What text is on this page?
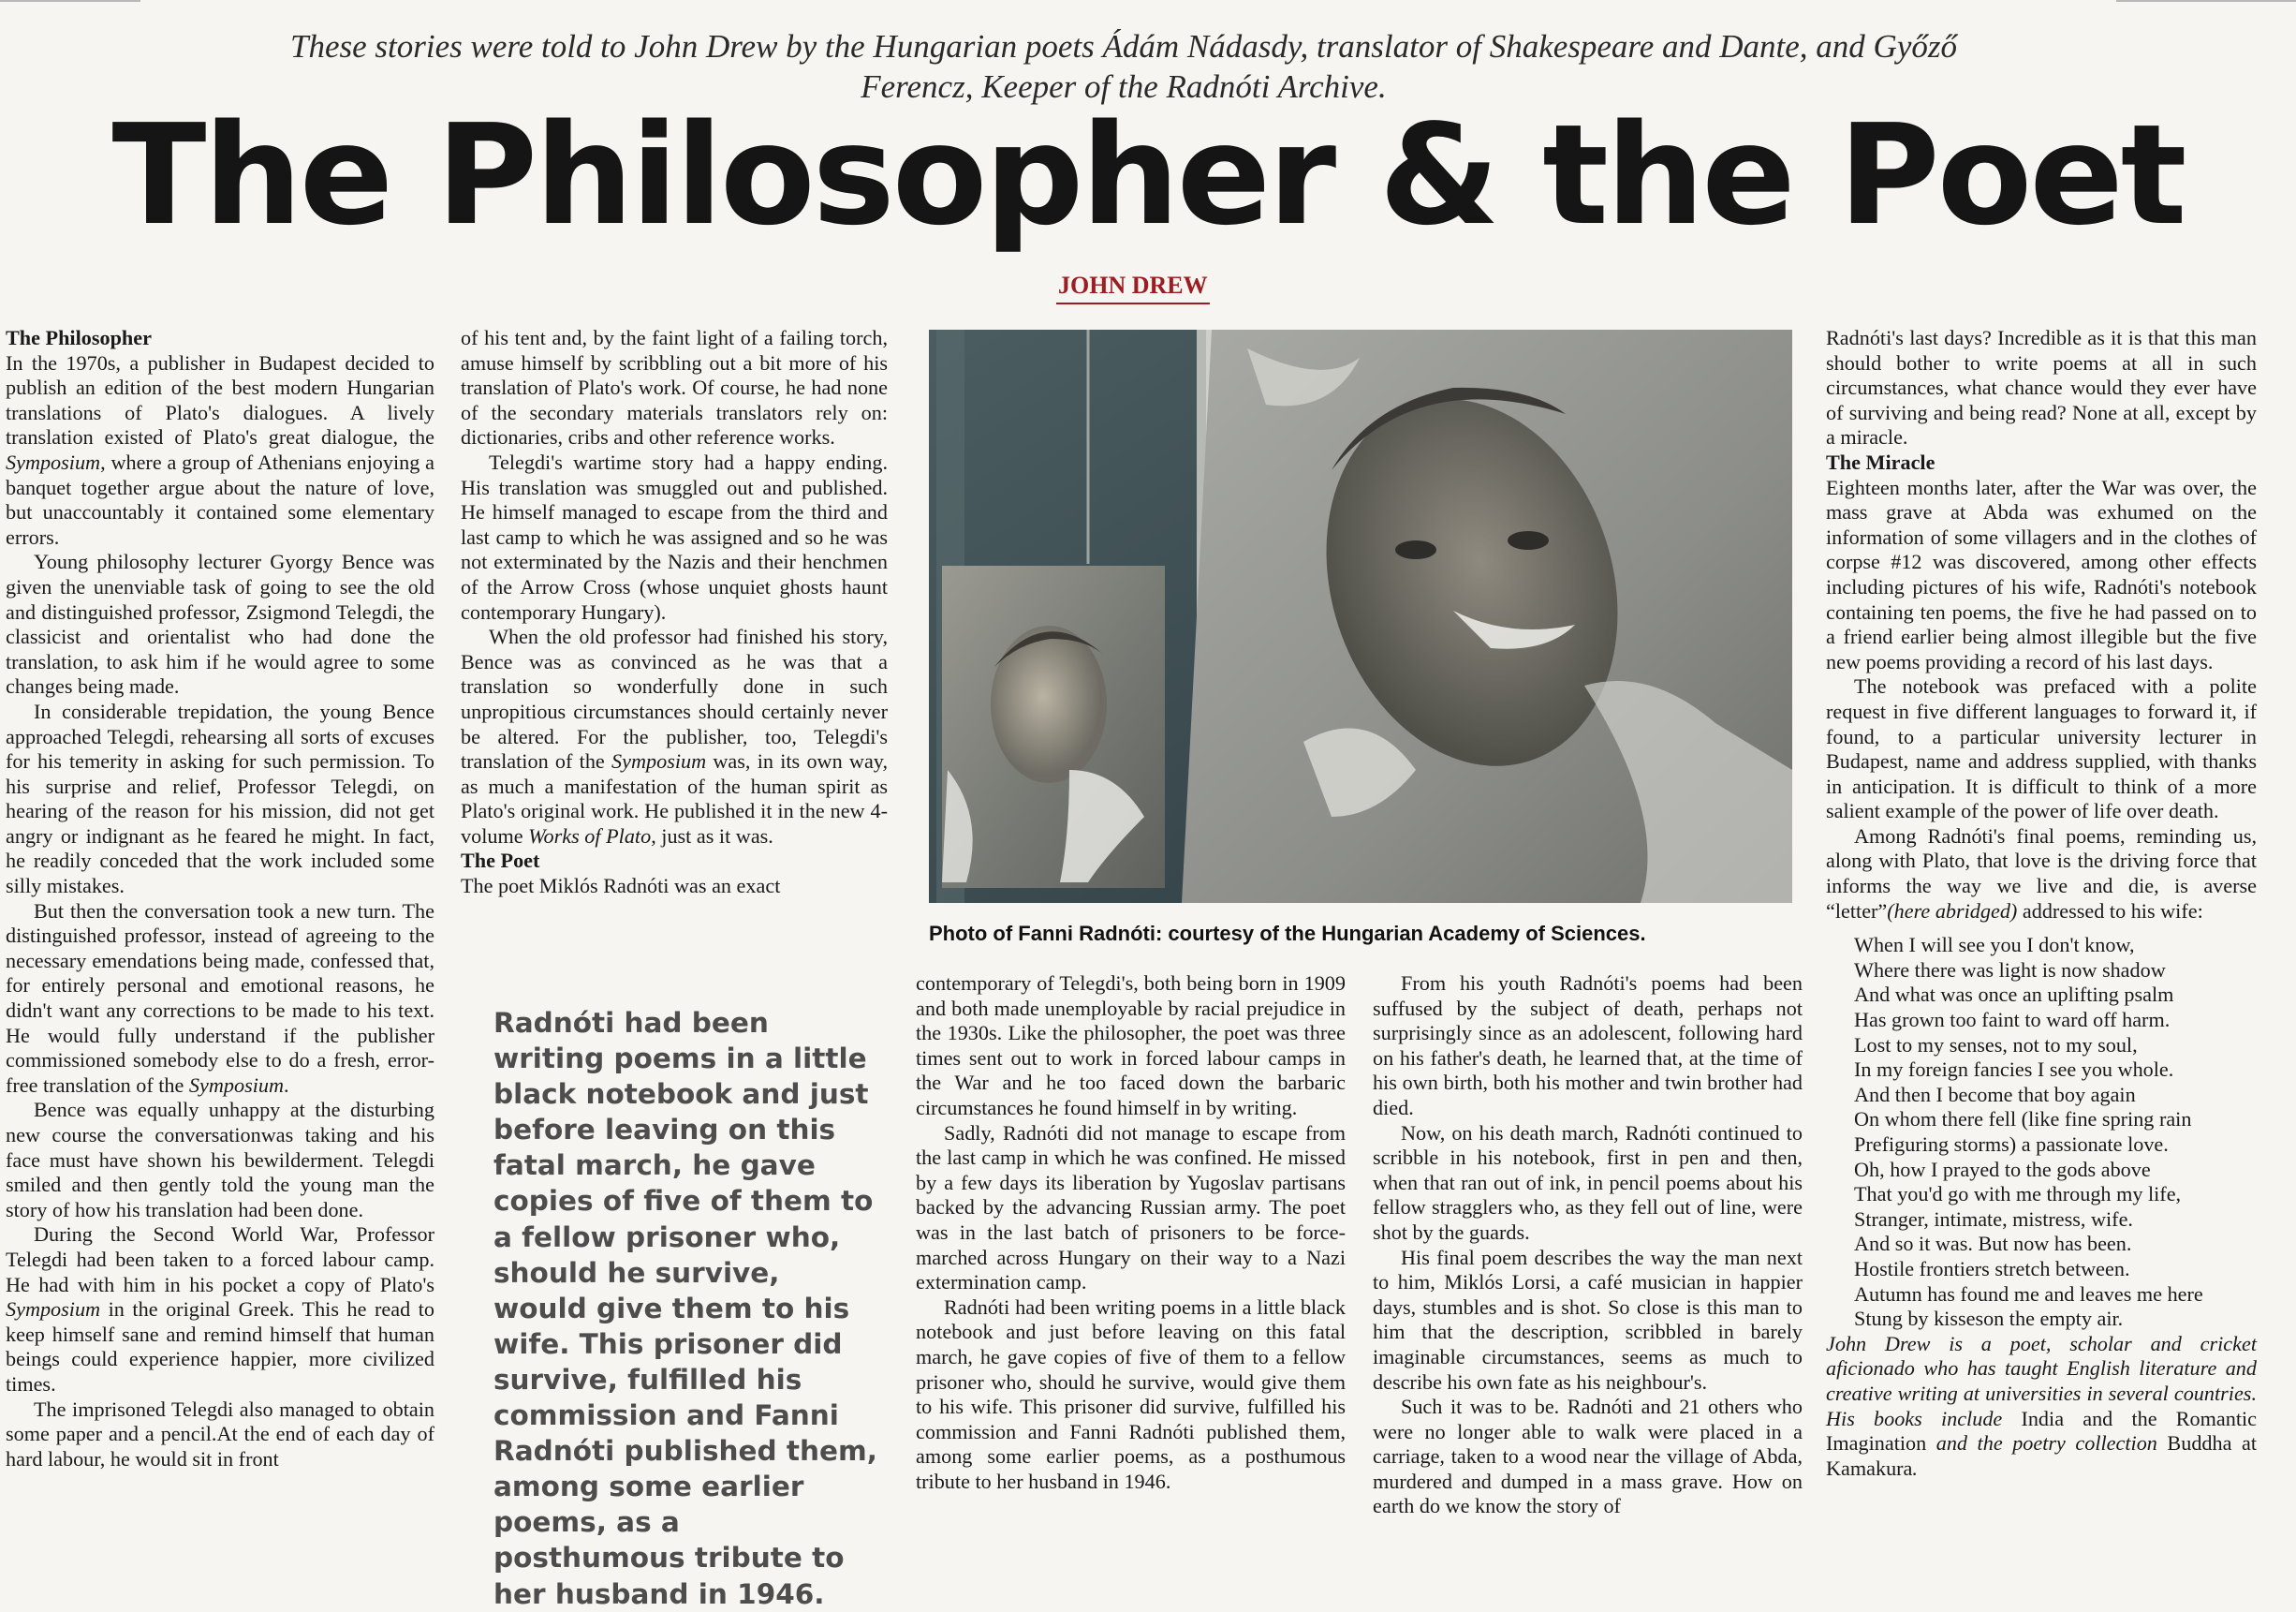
These stories were told to John Drew by the Hungarian poets Ádám Nádasdy, translator of Shakespeare and Dante, and Győző Ferencz, Keeper of the Radnóti Archive.
The Philosopher & the Poet
JOHN DREW
The Philosopher

In the 1970s, a publisher in Budapest decided to publish an edition of the best modern Hungarian translations of Plato's dialogues. A lively translation existed of Plato's great dialogue, the Symposium, where a group of Athenians enjoying a banquet together argue about the nature of love, but unaccountably it contained some elementary errors.

Young philosophy lecturer Gyorgy Bence was given the unenviable task of going to see the old and distinguished professor, Zsigmond Telegdi, the classicist and orientalist who had done the translation, to ask him if he would agree to some changes being made.

In considerable trepidation, the young Bence approached Telegdi, rehearsing all sorts of excuses for his temerity in asking for such permission. To his surprise and relief, Professor Telegdi, on hearing of the reason for his mission, did not get angry or indignant as he feared he might. In fact, he readily conceded that the work included some silly mistakes.

But then the conversation took a new turn. The distinguished professor, instead of agreeing to the necessary emendations being made, confessed that, for entirely personal and emotional reasons, he didn't want any corrections to be made to his text. He would fully understand if the publisher commissioned somebody else to do a fresh, error-free translation of the Symposium.

Bence was equally unhappy at the disturbing new course the conversationwas taking and his face must have shown his bewilderment. Telegdi smiled and then gently told the young man the story of how his translation had been done.

During the Second World War, Professor Telegdi had been taken to a forced labour camp. He had with him in his pocket a copy of Plato's Symposium in the original Greek. This he read to keep himself sane and remind himself that human beings could experience happier, more civilized times.

The imprisoned Telegdi also managed to obtain some paper and a pencil.At the end of each day of hard labour, he would sit in front

of his tent and, by the faint light of a failing torch, amuse himself by scribbling out a bit more of his translation of Plato's work. Of course, he had none of the secondary materials translators rely on: dictionaries, cribs and other reference works.

Telegdi's wartime story had a happy ending. His translation was smuggled out and published. He himself managed to escape from the third and last camp to which he was assigned and so he was not exterminated by the Nazis and their henchmen of the Arrow Cross (whose unquiet ghosts haunt contemporary Hungary).

When the old professor had finished his story, Bence was as convinced as he was that a translation so wonderfully done in such unpropitious circumstances should certainly never be altered. For the publisher, too, Telegdi's translation of the Symposium was, in its own way, as much a manifestation of the human spirit as Plato's original work. He published it in the new 4-volume Works of Plato, just as it was.

The Poet

The poet Miklós Radnóti was an exact

Radnóti had been writing poems in a little black notebook and just before leaving on this fatal march, he gave copies of five of them to a fellow prisoner who, should he survive, would give them to his wife. This prisoner did survive, fulfilled his commission and Fanni Radnóti published them, among some earlier poems, as a posthumous tribute to her husband in 1946.
Photo of Fanni Radnóti: courtesy of the Hungarian Academy of Sciences.

contemporary of Telegdi's, both being born in 1909 and both made unemployable by racial prejudice in the 1930s. Like the philosopher, the poet was three times sent out to work in forced labour camps in the War and he too faced down the barbaric circumstances he found himself in by writing.

Sadly, Radnóti did not manage to escape from the last camp in which he was confined. He missed by a few days its liberation by Yugoslav partisans backed by the advancing Russian army. The poet was in the last batch of prisoners to be force-marched across Hungary on their way to a Nazi extermination camp.

Radnóti had been writing poems in a little black notebook and just before leaving on this fatal march, he gave copies of five of them to a fellow prisoner who, should he survive, would give them to his wife. This prisoner did survive, fulfilled his commission and Fanni Radnóti published them, among some earlier poems, as a posthumous tribute to her husband in 1946.

From his youth Radnóti's poems had been suffused by the subject of death, perhaps not surprisingly since as an adolescent, following hard on his father's death, he learned that, at the time of his own birth, both his mother and twin brother had died.

Now, on his death march, Radnóti continued to scribble in his notebook, first in pen and then, when that ran out of ink, in pencil poems about his fellow stragglers who, as they fell out of line, were shot by the guards.

His final poem describes the way the man next to him, Miklós Lorsi, a café musician in happier days, stumbles and is shot. So close is this man to him that the description, scribbled in barely imaginable circumstances, seems as much to describe his own fate as his neighbour's.

Such it was to be. Radnóti and 21 others who were no longer able to walk were placed in a carriage, taken to a wood near the village of Abda, murdered and dumped in a mass grave. How on earth do we know the story of

Radnóti's last days? Incredible as it is that this man should bother to write poems at all in such circumstances, what chance would they ever have of surviving and being read? None at all, except by a miracle.

The Miracle

Eighteen months later, after the War was over, the mass grave at Abda was exhumed on the information of some villagers and in the clothes of corpse #12 was discovered, among other effects including pictures of his wife, Radnóti's notebook containing ten poems, the five he had passed on to a friend earlier being almost illegible but the five new poems providing a record of his last days.

The notebook was prefaced with a polite request in five different languages to forward it, if found, to a particular university lecturer in Budapest, name and address supplied, with thanks in anticipation. It is difficult to think of a more salient example of the power of life over death.

Among Radnóti's final poems, reminding us, along with Plato, that love is the driving force that informs the way we live and die, is averse “letter”(here abridged) addressed to his wife:

When I will see you I don't know,
Where there was light is now shadow
And what was once an uplifting psalm
Has grown too faint to ward off harm.
Lost to my senses, not to my soul,
In my foreign fancies I see you whole.
And then I become that boy again
On whom there fell (like fine spring rain
Prefiguring storms) a passionate love.
Oh, how I prayed to the gods above
That you'd go with me through my life,
Stranger, intimate, mistress, wife.
And so it was. But now has been.
Hostile frontiers stretch between.
Autumn has found me and leaves me here
Stung by kisseson the empty air.

John Drew is a poet, scholar and cricket aficionado who has taught English literature and creative writing at universities in several countries. His books include India and the Romantic Imagination and the poetry collection Buddha at Kamakura.
